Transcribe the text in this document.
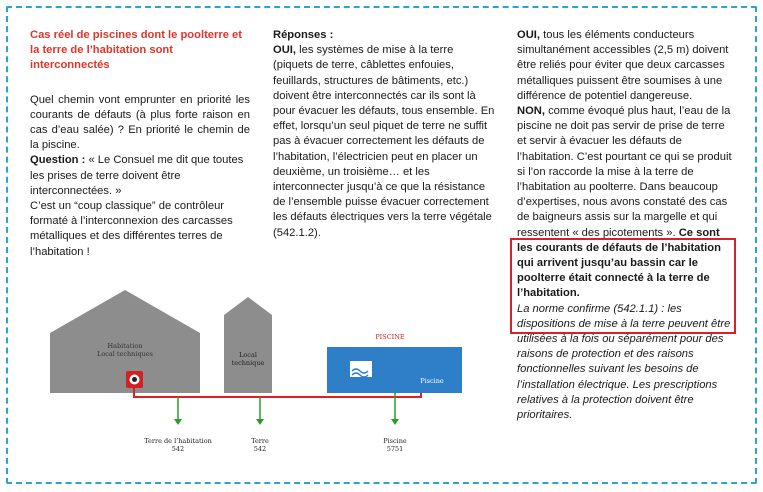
Cas réel de piscines dont le poolterre et la terre de l’habitation sont interconnectés
Quel chemin vont emprunter en priorité les courants de défauts (à plus forte raison en cas d’eau salée) ? En priorité le chemin de la piscine.
Question : « Le Consuel me dit que toutes les prises de terre doivent être interconnectées. »
C’est un “coup classique” de contrôleur formaté à l’interconnexion des carcasses métalliques et des différentes terres de l’habitation !
Réponses :
OUI, les systèmes de mise à la terre (piquets de terre, câblettes enfouies, feuillards, structures de bâtiments, etc.) doivent être interconnectés car ils sont là pour évacuer les défauts, tous ensemble. En effet, lorsqu’un seul piquet de terre ne suffit pas à évacuer correctement les défauts de l’habitation, l’électricien peut en placer un deuxième, un troisième… et les interconnecter jusqu’à ce que la résistance de l’ensemble puisse évacuer correctement les défauts électriques vers la terre végétale (542.1.2).
OUI, tous les éléments conducteurs simultanément accessibles (2,5 m) doivent être reliés pour éviter que deux carcasses métalliques puissent être soumises à une différence de potentiel dangereuse.
NON, comme évoqué plus haut, l’eau de la piscine ne doit pas servir de prise de terre et servir à évacuer les défauts de l’habitation. C’est pourtant ce qui se produit si l’on raccorde la mise à la terre de l’habitation au poolterre. Dans beaucoup d’expertises, nous avons constaté des cas de baigneurs assis sur la margelle et qui ressentent « des picotements ». Ce sont les courants de défauts de l’habitation qui arrivent jusqu’au bassin car le poolterre était connecté à la terre de l’habitation.
La norme confirme (542.1.1) : les dispositions de mise à la terre peuvent être utilisées à la fois ou séparément pour des raisons de protection et des raisons fonctionnelles suivant les besoins de l’installation électrique. Les prescriptions relatives à la protection doivent être prioritaires.
Habitation
Local techniques	Local
technique
PISCINE
Piscine
Terre de l’habitation
542
Terre
542
Piscine
5751
